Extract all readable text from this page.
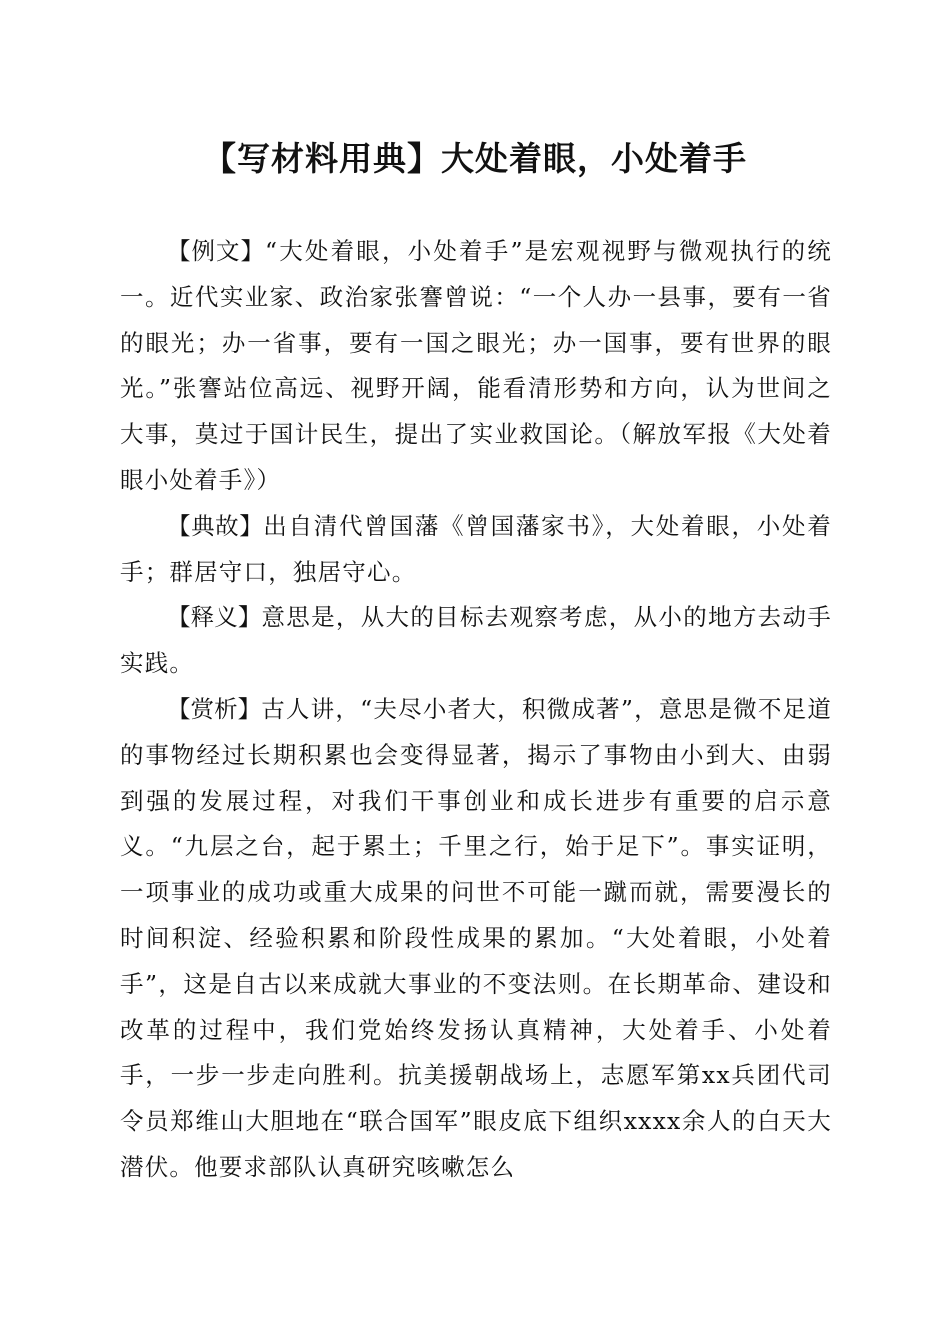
【写材料用典】大处着眼，小处着手

【例文】“大处着眼，小处着手”是宏观视野与微观执行的统一。近代实业家、政治家张謇曾说：“一个人办一县事，要有一省的眼光；办一省事，要有一国之眼光；办一国事，要有世界的眼光。”张謇站位高远、视野开阔，能看清形势和方向，认为世间之大事，莫过于国计民生，提出了实业救国论。（解放军报《大处着眼小处着手》）

【典故】出自清代曾国藩《曾国藩家书》，大处着眼，小处着手；群居守口，独居守心。

【释义】意思是，从大的目标去观察考虑，从小的地方去动手实践。

【赏析】古人讲，“夫尽小者大，积微成著”，意思是微不足道的事物经过长期积累也会变得显著，揭示了事物由小到大、由弱到强的发展过程，对我们干事创业和成长进步有重要的启示意义。“九层之台，起于累土；千里之行，始于足下”。事实证明，一项事业的成功或重大成果的问世不可能一蹴而就，需要漫长的时间积淀、经验积累和阶段性成果的累加。“大处着眼，小处着手”，这是自古以来成就大事业的不变法则。在长期革命、建设和改革的过程中，我们党始终发扬认真精神，大处着手、小处着手，一步一步走向胜利。抗美援朝战场上，志愿军第xx兵团代司令员郑维山大胆地在“联合国军”眼皮底下组织xxxx余人的白天大潜伏。他要求部队认真研究咳嗽怎么
